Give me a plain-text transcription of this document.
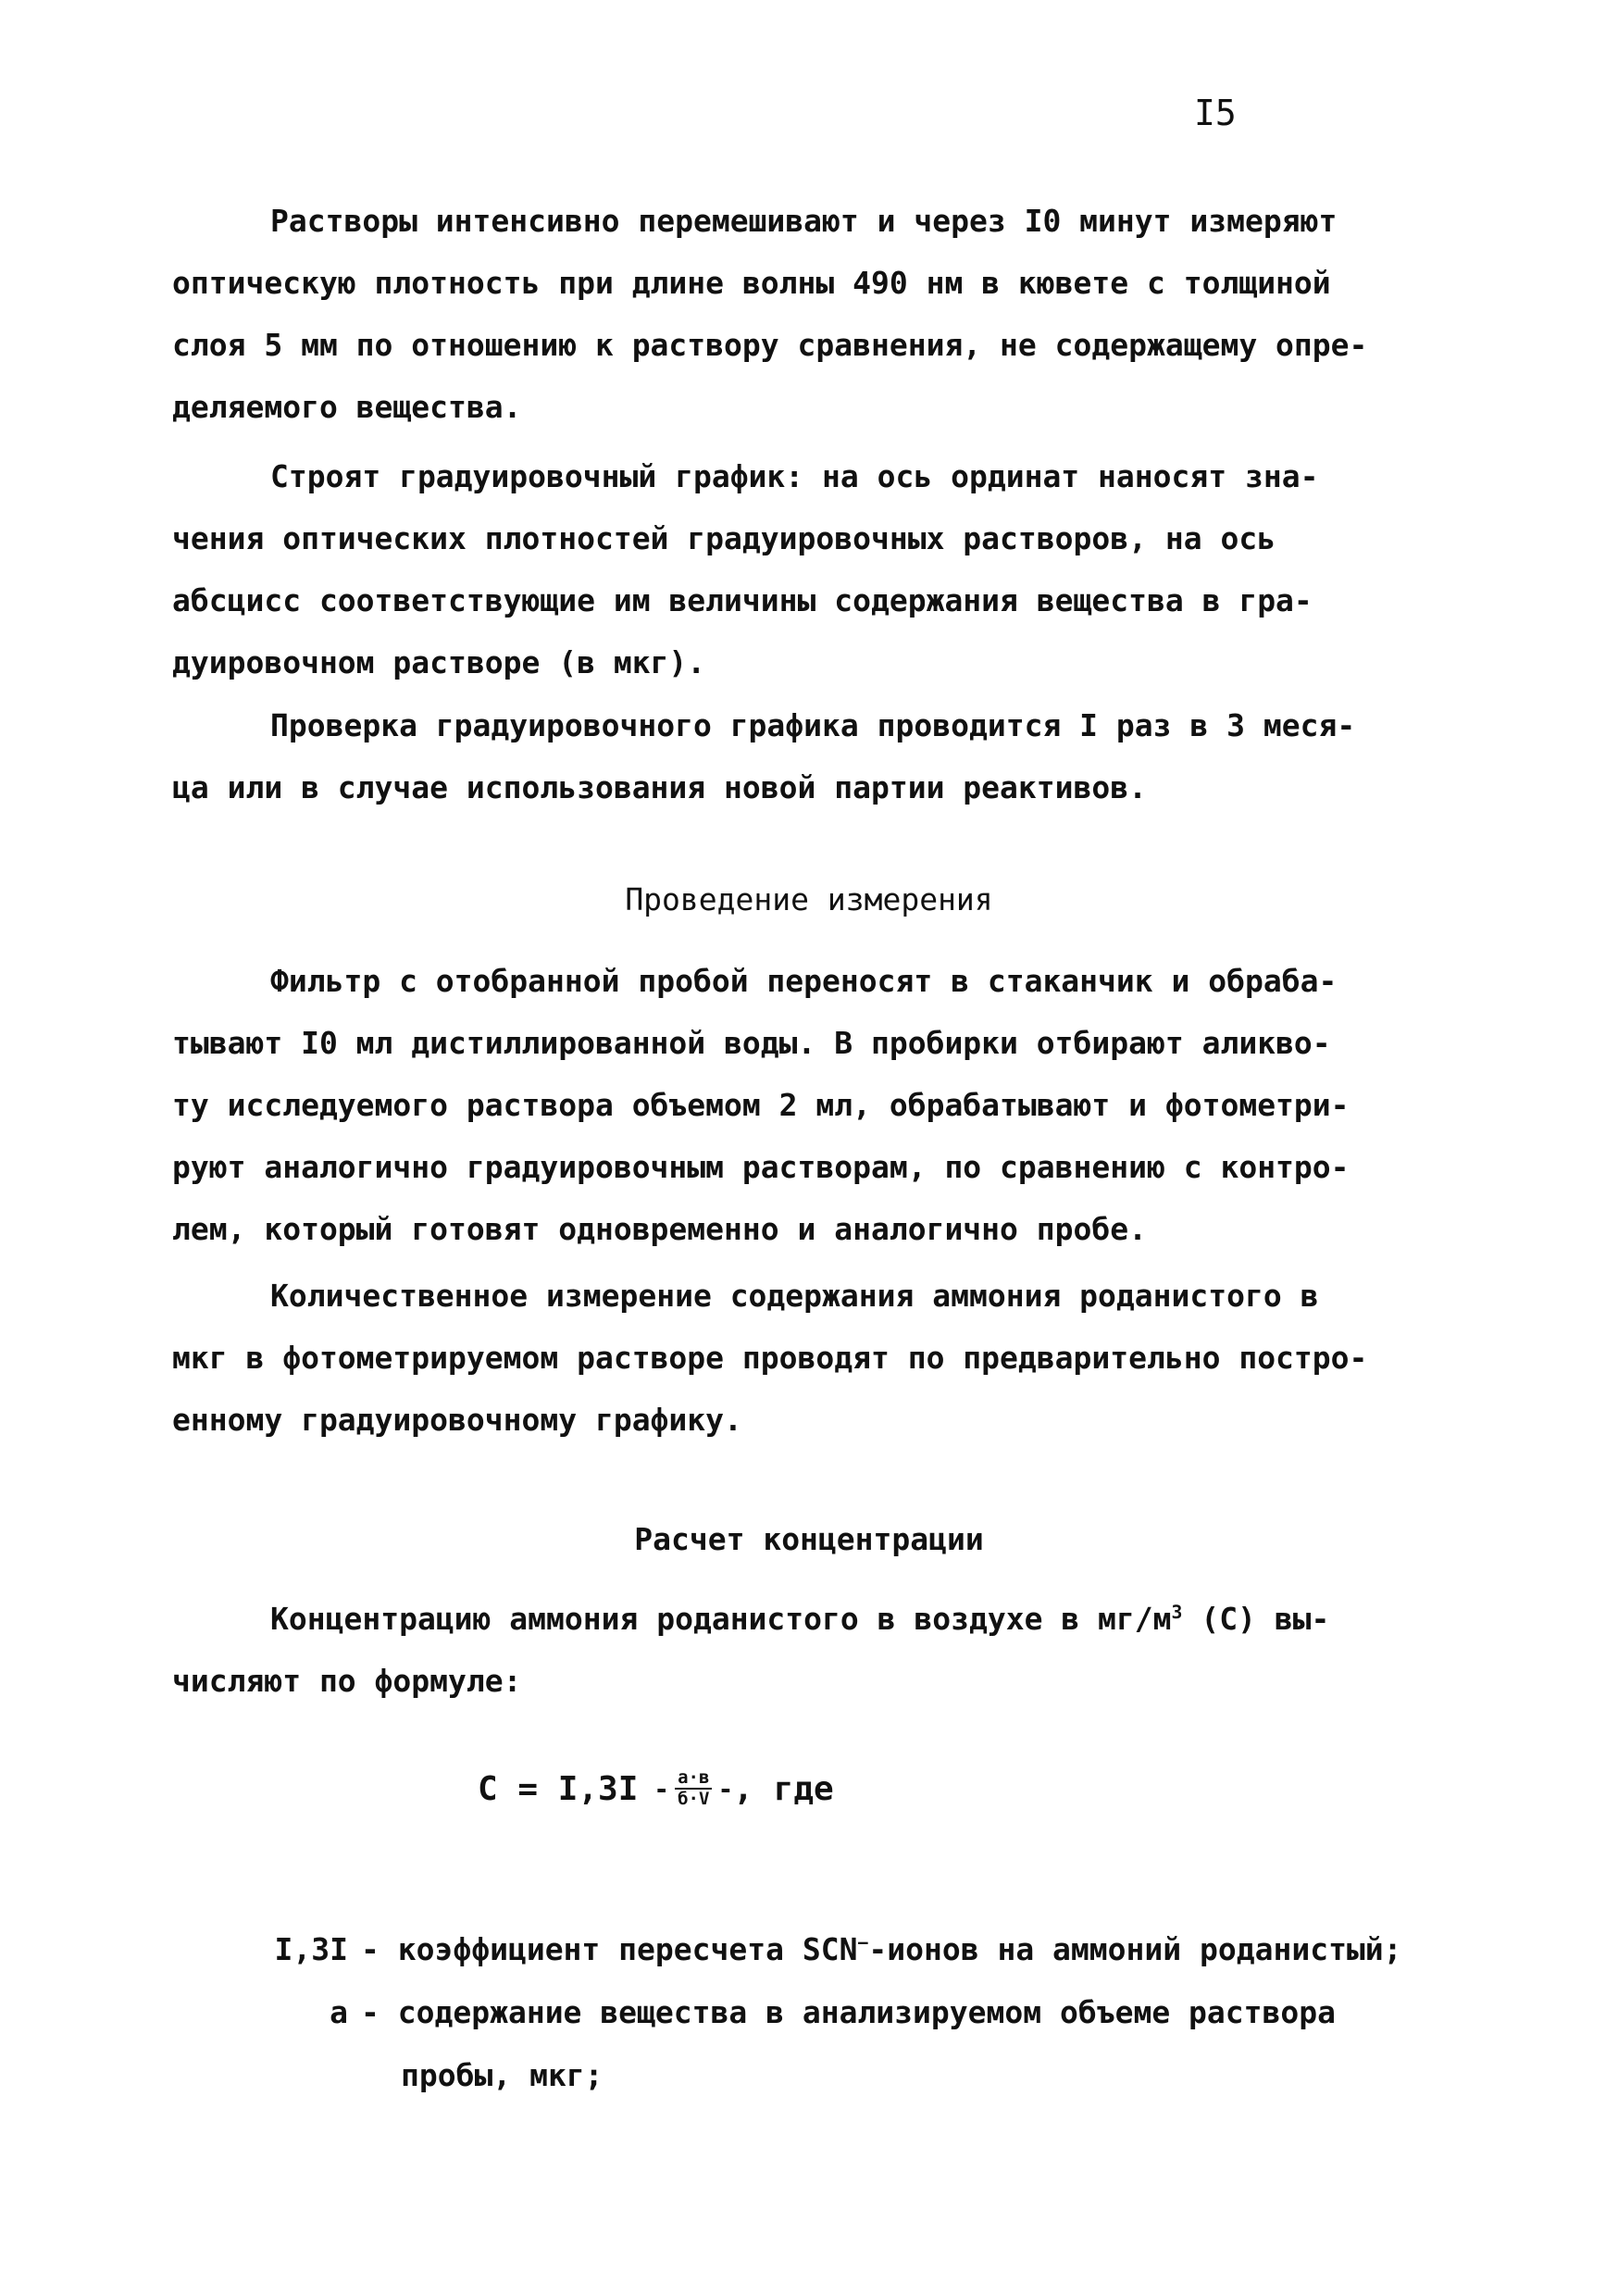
I5

Растворы интенсивно перемешивают и через I0 минут измеряют
оптическую плотность при длине волны 490 нм в кювете с толщиной
слоя 5 мм по отношению к раствору сравнения, не содержащему опре-
деляемого вещества.

Строят градуировочный график: на ось ординат наносят зна-
чения оптических плотностей градуировочных растворов, на ось
абсцисс соответствующие им величины содержания вещества в гра-
дуировочном растворе (в мкг).

Проверка градуировочного графика проводится I раз в 3 меся-
ца или в случае использования новой партии реактивов.

Проведение измерения

Фильтр с отобранной пробой переносят в стаканчик и обраба-
тывают I0 мл дистиллированной воды. В пробирки отбирают аликво-
ту исследуемого раствора объемом 2 мл, обрабатывают и фотометри-
руют аналогично градуировочным растворам, по сравнению с контро-
лем, который готовят одновременно и аналогично пробе.

Количественное измерение содержания аммония роданистого в
мкг в фотометрируемом растворе проводят по предварительно постро-
енному градуировочному графику.

Расчет концентрации

Концентрацию аммония роданистого в воздухе в $мг/м^3$ (С) вы-
числяют по формуле:

$С = I,3I - \frac{а\cdot в}{б\cdot V}$ - , где
I,3I - коэффициент пересчета SCN−-ионов на аммоний роданистый;
а - содержание вещества в анализируемом объеме раствора
пробы, мкг;
